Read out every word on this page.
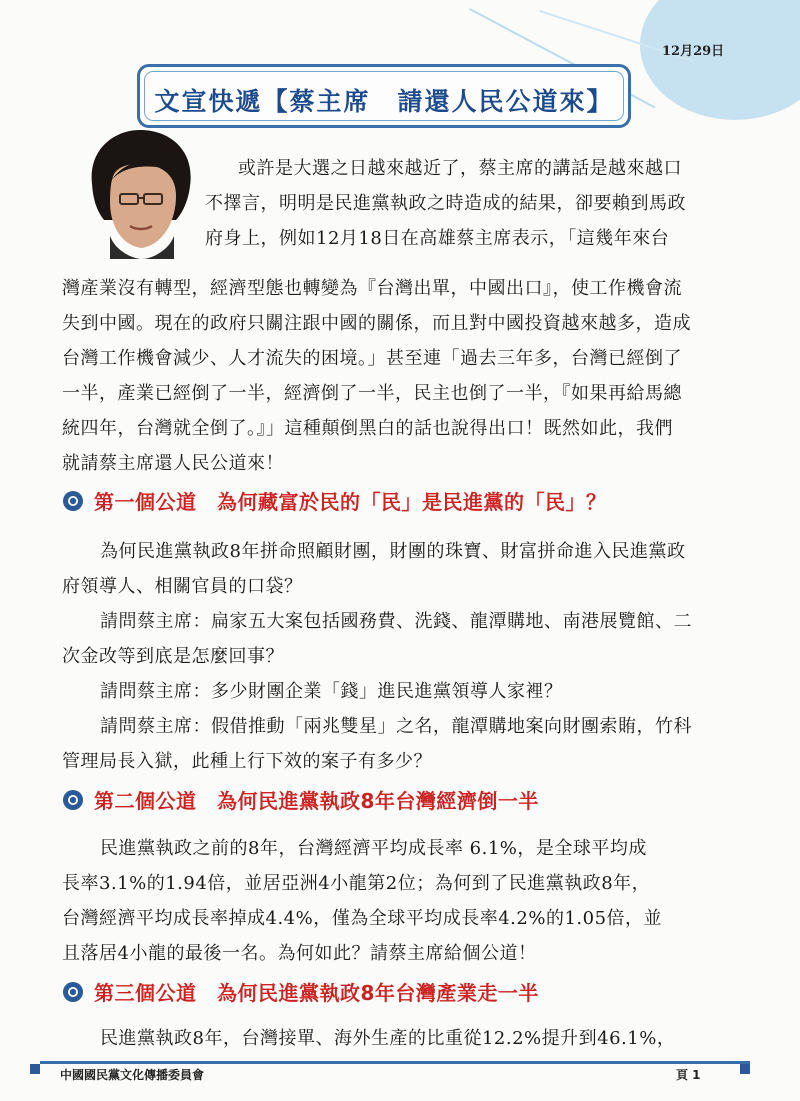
12月29日
文宣快遞【蔡主席　請還人民公道來】
或許是大選之日越來越近了，蔡主席的講話是越來越口
不擇言，明明是民進黨執政之時造成的結果，卻要賴到馬政
府身上，例如12月18日在高雄蔡主席表示，「這幾年來台
灣產業沒有轉型，經濟型態也轉變為『台灣出單，中國出口』，使工作機會流
失到中國。現在的政府只關注跟中國的關係，而且對中國投資越來越多，造成
台灣工作機會減少、人才流失的困境。」甚至連「過去三年多，台灣已經倒了
一半，產業已經倒了一半，經濟倒了一半，民主也倒了一半，『如果再給馬總
統四年，台灣就全倒了。』」這種顛倒黑白的話也說得出口！既然如此，我們
就請蔡主席還人民公道來！
第一個公道　為何藏富於民的「民」是民進黨的「民」？
為何民進黨執政8年拼命照顧財團，財團的珠寶、財富拼命進入民進黨政
府領導人、相關官員的口袋？
請問蔡主席：扁家五大案包括國務費、洗錢、龍潭購地、南港展覽館、二
次金改等到底是怎麼回事？
請問蔡主席：多少財團企業「錢」進民進黨領導人家裡？
請問蔡主席：假借推動「兩兆雙星」之名，龍潭購地案向財團索賄，竹科
管理局長入獄，此種上行下效的案子有多少？
第二個公道　為何民進黨執政8年台灣經濟倒一半
民進黨執政之前的8年，台灣經濟平均成長率 6.1%，是全球平均成
長率3.1%的1.94倍，並居亞洲4小龍第2位；為何到了民進黨執政8年，
台灣經濟平均成長率掉成4.4%，僅為全球平均成長率4.2%的1.05倍，並
且落居4小龍的最後一名。為何如此？請蔡主席給個公道！
第三個公道　為何民進黨執政8年台灣產業走一半
民進黨執政8年，台灣接單、海外生產的比重從12.2%提升到46.1%，
中國國民黨文化傳播委員會	頁 1
